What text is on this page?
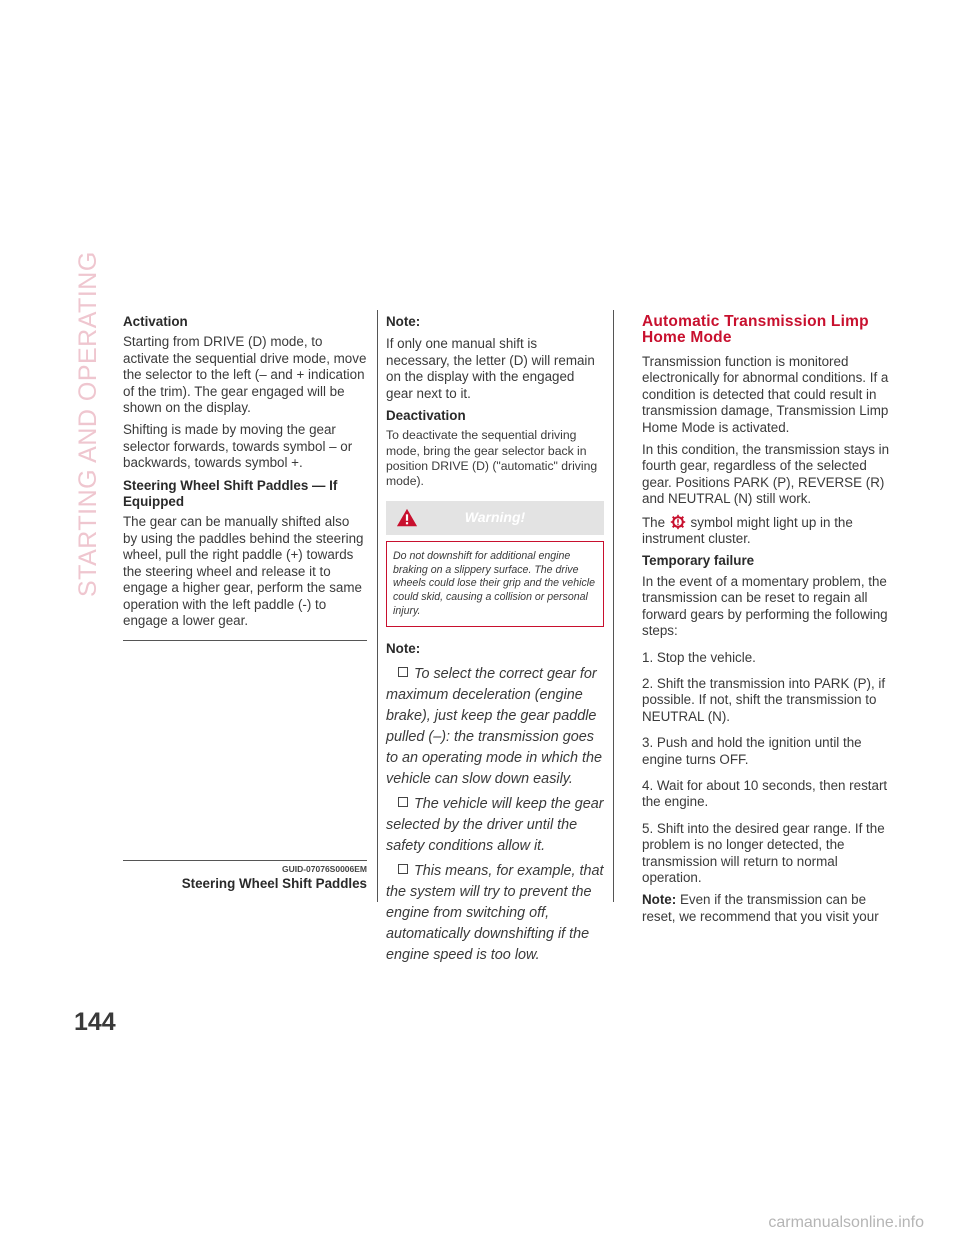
STARTING AND OPERATING
144

Activation

Starting from DRIVE (D) mode, to activate the sequential drive mode, move the selector to the left (– and + indication of the trim). The gear engaged will be shown on the display.

Shifting is made by moving the gear selector forwards, towards symbol – or backwards, towards symbol +.

Steering Wheel Shift Paddles — If Equipped

The gear can be manually shifted also by using the paddles behind the steering wheel, pull the right paddle (+) towards the steering wheel and release it to engage a higher gear, perform the same operation with the left paddle (-) to engage a lower gear.

GUID-07076S0006EM
Steering Wheel Shift Paddles

Note:

If only one manual shift is necessary, the letter (D) will remain on the display with the engaged gear next to it.

Deactivation

To deactivate the sequential driving mode, bring the gear selector back in position DRIVE (D) ("automatic" driving mode).

Warning!
Do not downshift for additional engine braking on a slippery surface. The drive wheels could lose their grip and the vehicle could skid, causing a collision or personal injury.

Note:

To select the correct gear for maximum deceleration (engine brake), just keep the gear paddle pulled (–): the transmission goes to an operating mode in which the vehicle can slow down easily.

The vehicle will keep the gear selected by the driver until the safety conditions allow it.

This means, for example, that the system will try to prevent the engine from switching off, automatically downshifting if the engine speed is too low.

Automatic Transmission Limp Home Mode

Transmission function is monitored electronically for abnormal conditions. If a condition is detected that could result in transmission damage, Transmission Limp Home Mode is activated.

In this condition, the transmission stays in fourth gear, regardless of the selected gear. Positions PARK (P), REVERSE (R) and NEUTRAL (N) still work.

The symbol might light up in the instrument cluster.

Temporary failure

In the event of a momentary problem, the transmission can be reset to regain all forward gears by performing the following steps:

1. Stop the vehicle.

2. Shift the transmission into PARK (P), if possible. If not, shift the transmission to NEUTRAL (N).

3. Push and hold the ignition until the engine turns OFF.

4. Wait for about 10 seconds, then restart the engine.

5. Shift into the desired gear range. If the problem is no longer detected, the transmission will return to normal operation.

Note: Even if the transmission can be reset, we recommend that you visit your

carmanualsonline.info
